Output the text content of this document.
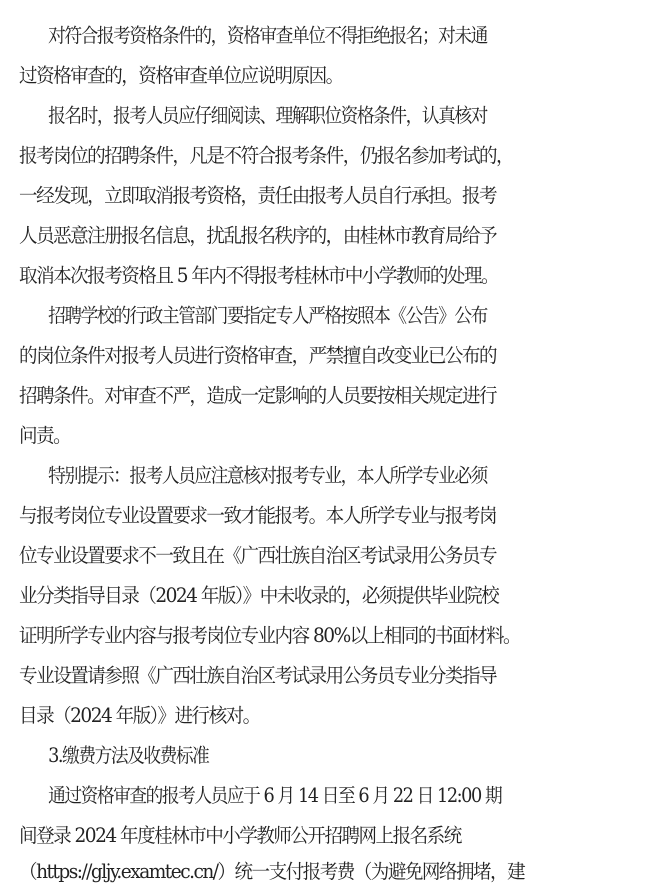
对符合报考资格条件的，资格审查单位不得拒绝报名；对未通
过资格审查的，资格审查单位应说明原因。
报名时，报考人员应仔细阅读、理解职位资格条件，认真核对
报考岗位的招聘条件，凡是不符合报考条件，仍报名参加考试的，
一经发现，立即取消报考资格，责任由报考人员自行承担。报考
人员恶意注册报名信息，扰乱报名秩序的，由桂林市教育局给予
取消本次报考资格且 5 年内不得报考桂林市中小学教师的处理。
招聘学校的行政主管部门要指定专人严格按照本《公告》公布
的岗位条件对报考人员进行资格审查，严禁擅自改变业已公布的
招聘条件。对审查不严，造成一定影响的人员要按相关规定进行
问责。
特别提示：报考人员应注意核对报考专业，本人所学专业必须
与报考岗位专业设置要求一致才能报考。本人所学专业与报考岗
位专业设置要求不一致且在《广西壮族自治区考试录用公务员专
业分类指导目录（2024 年版）》中未收录的，必须提供毕业院校
证明所学专业内容与报考岗位专业内容 80%以上相同的书面材料。
专业设置请参照《广西壮族自治区考试录用公务员专业分类指导
目录（2024 年版）》进行核对。
3.缴费方法及收费标准
通过资格审查的报考人员应于 6 月 14 日至 6 月 22 日 12:00 期
间登录 2024 年度桂林市中小学教师公开招聘网上报名系统
（https://gljy.examtec.cn/）统一支付报考费（为避免网络拥堵，建
